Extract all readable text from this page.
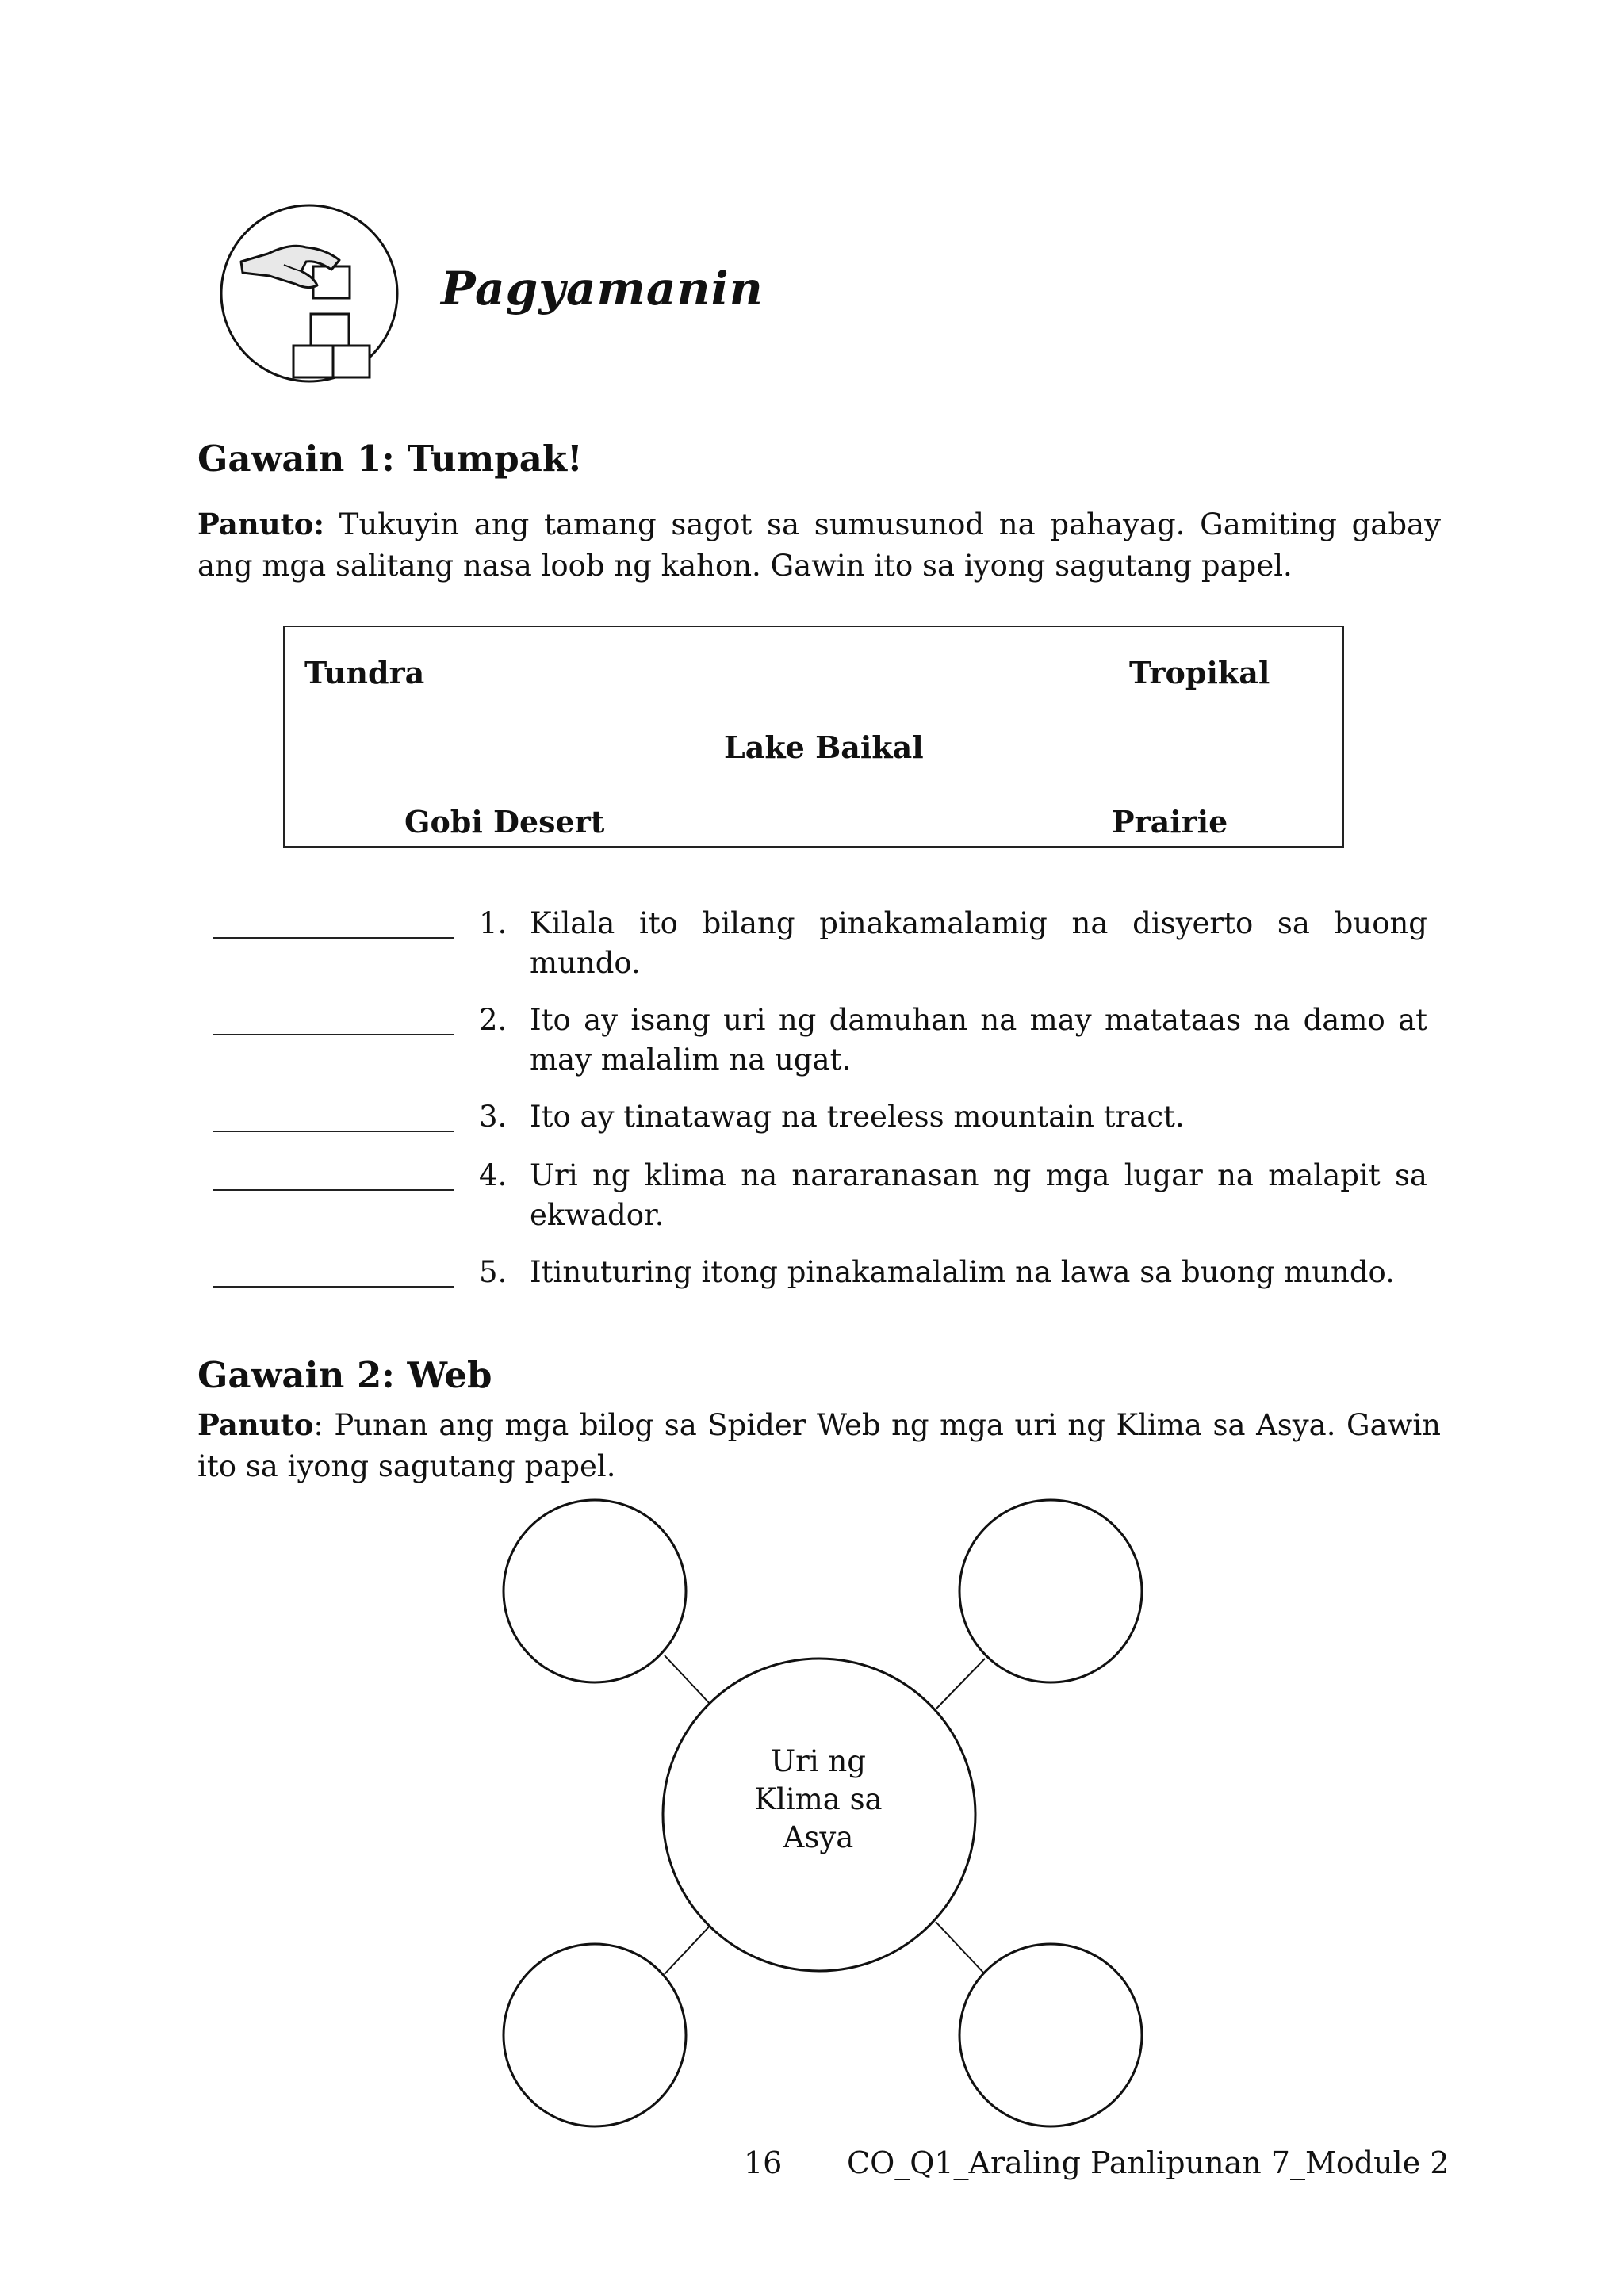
Pagyamanin
Gawain 1: Tumpak!
Panuto: Tukuyin ang tamang sagot sa sumusunod na pahayag. Gamiting gabay ang mga salitang nasa loob ng kahon. Gawin ito sa iyong sagutang papel.
Tundra	Tropikal
Lake Baikal
Gobi Desert	Prairie
1. Kilala ito bilang pinakamalamig na disyerto sa buong mundo.
2. Ito ay isang uri ng damuhan na may matataas na damo at may malalim na ugat.
3. Ito ay tinatawag na treeless mountain tract.
4. Uri ng klima na nararanasan ng mga lugar na malapit sa ekwador.
5. Itinuturing itong pinakamalalim na lawa sa buong mundo.
Gawain 2: Web
Panuto: Punan ang mga bilog sa Spider Web ng mga uri ng Klima sa Asya. Gawin ito sa iyong sagutang papel.
Uri ng
Klima sa
Asya
16 CO_Q1_Araling Panlipunan 7_Module 2
